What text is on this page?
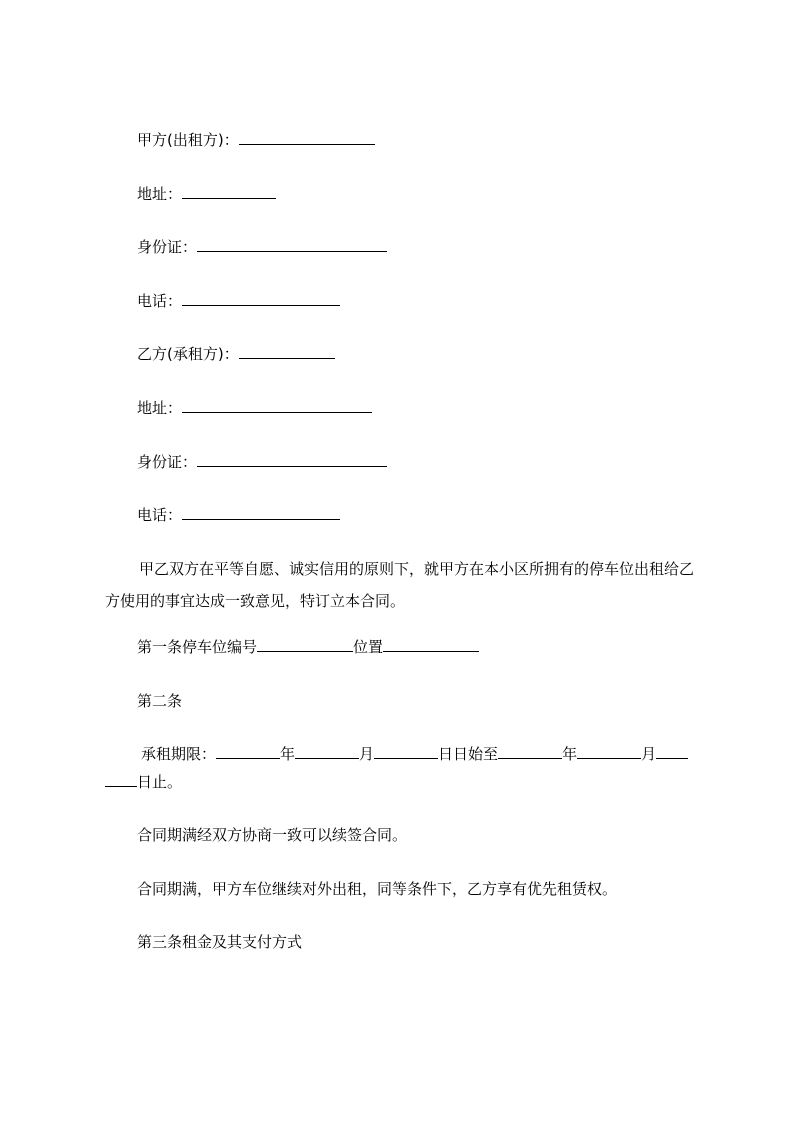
甲方(出租方)：
地址：
身份证：
电话：
乙方(承租方)：
地址：
身份证：
电话：
甲乙双方在平等自愿、诚实信用的原则下，就甲方在本小区所拥有的停车位出租给乙方使用的事宜达成一致意见，特订立本合同。
第一条停车位编号	位置
第二条
承租期限：	年	月	日日始至	年	月
日止。
合同期满经双方协商一致可以续签合同。
合同期满，甲方车位继续对外出租，同等条件下，乙方享有优先租赁权。
第三条租金及其支付方式
